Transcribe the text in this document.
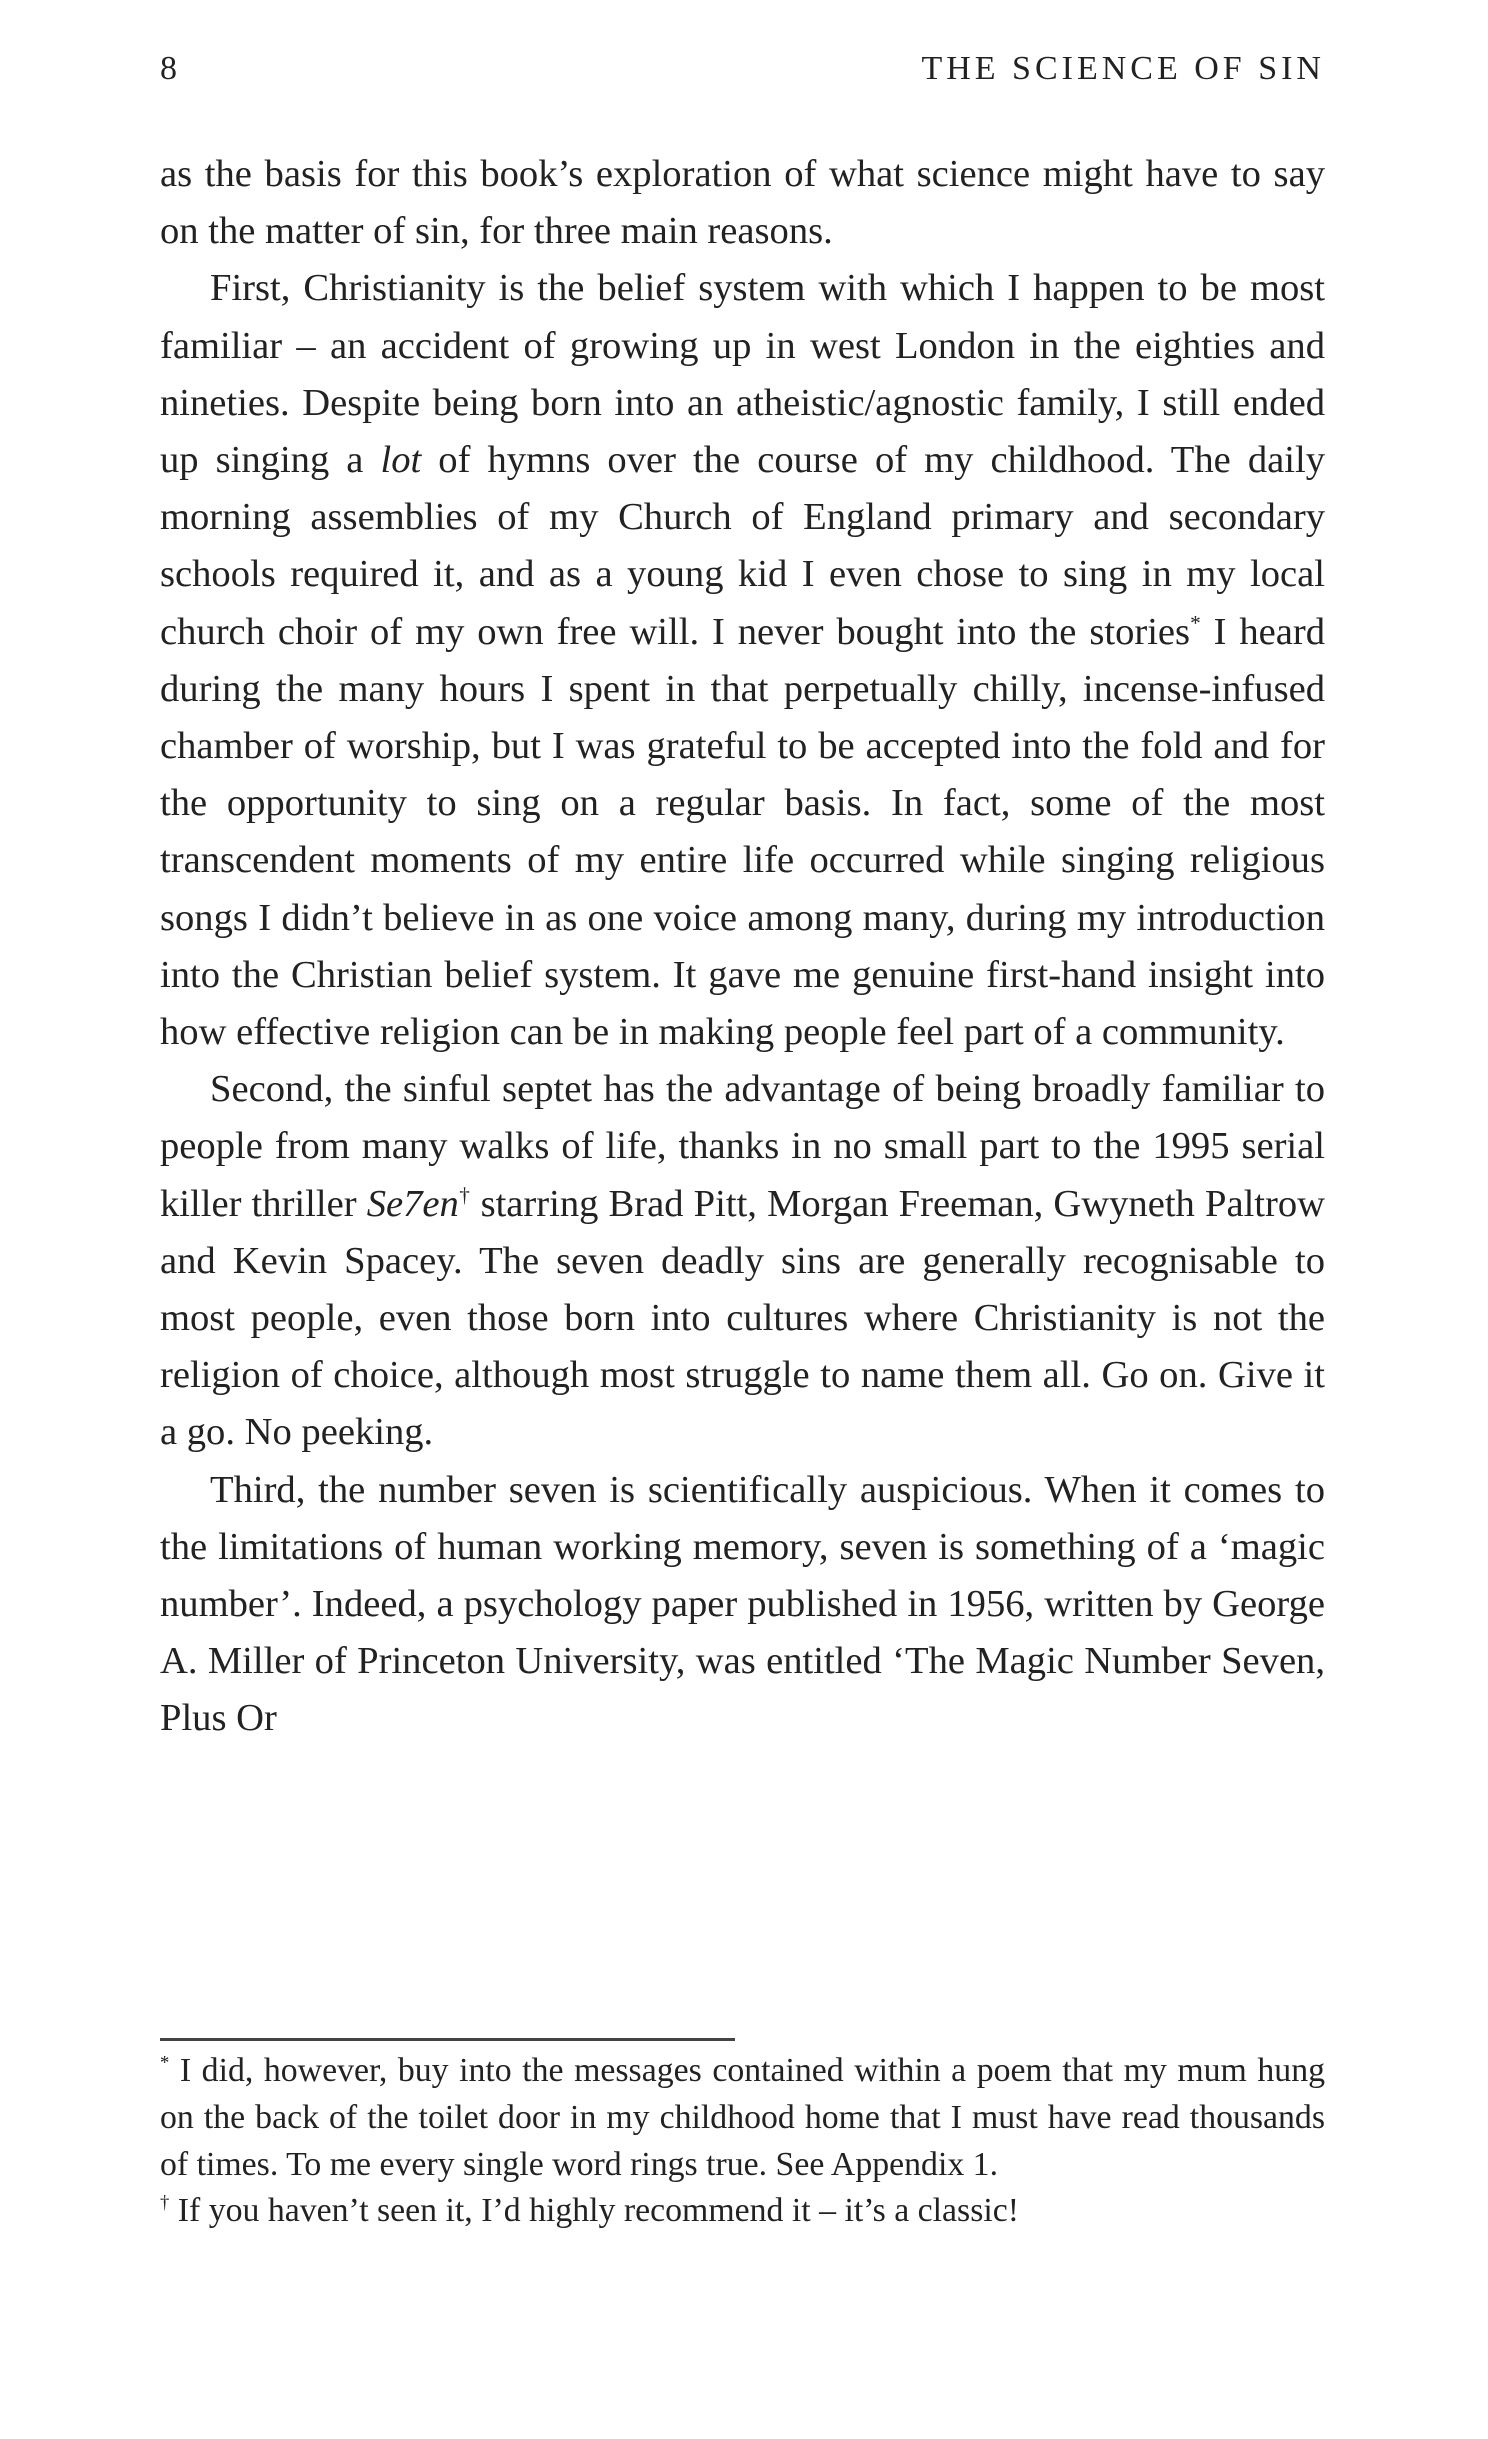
8	THE SCIENCE OF SIN

as the basis for this book’s exploration of what science might have to say on the matter of sin, for three main reasons.

First, Christianity is the belief system with which I happen to be most familiar – an accident of growing up in west London in the eighties and nineties. Despite being born into an atheistic/agnostic family, I still ended up singing a lot of hymns over the course of my childhood. The daily morning assemblies of my Church of England primary and secondary schools required it, and as a young kid I even chose to sing in my local church choir of my own free will. I never bought into the stories* I heard during the many hours I spent in that perpetually chilly, incense-infused chamber of worship, but I was grateful to be accepted into the fold and for the opportunity to sing on a regular basis. In fact, some of the most transcendent moments of my entire life occurred while singing religious songs I didn’t believe in as one voice among many, during my introduction into the Christian belief system. It gave me genuine first-hand insight into how effective religion can be in making people feel part of a community.

Second, the sinful septet has the advantage of being broadly familiar to people from many walks of life, thanks in no small part to the 1995 serial killer thriller Se7en† starring Brad Pitt, Morgan Freeman, Gwyneth Paltrow and Kevin Spacey. The seven deadly sins are generally recognisable to most people, even those born into cultures where Christianity is not the religion of choice, although most struggle to name them all. Go on. Give it a go. No peeking.

Third, the number seven is scientifically auspicious. When it comes to the limitations of human working memory, seven is something of a ‘magic number’. Indeed, a psychology paper published in 1956, written by George A. Miller of Princeton University, was entitled ‘The Magic Number Seven, Plus Or

* I did, however, buy into the messages contained within a poem that my mum hung on the back of the toilet door in my childhood home that I must have read thousands of times. To me every single word rings true. See Appendix 1.

† If you haven’t seen it, I’d highly recommend it – it’s a classic!
